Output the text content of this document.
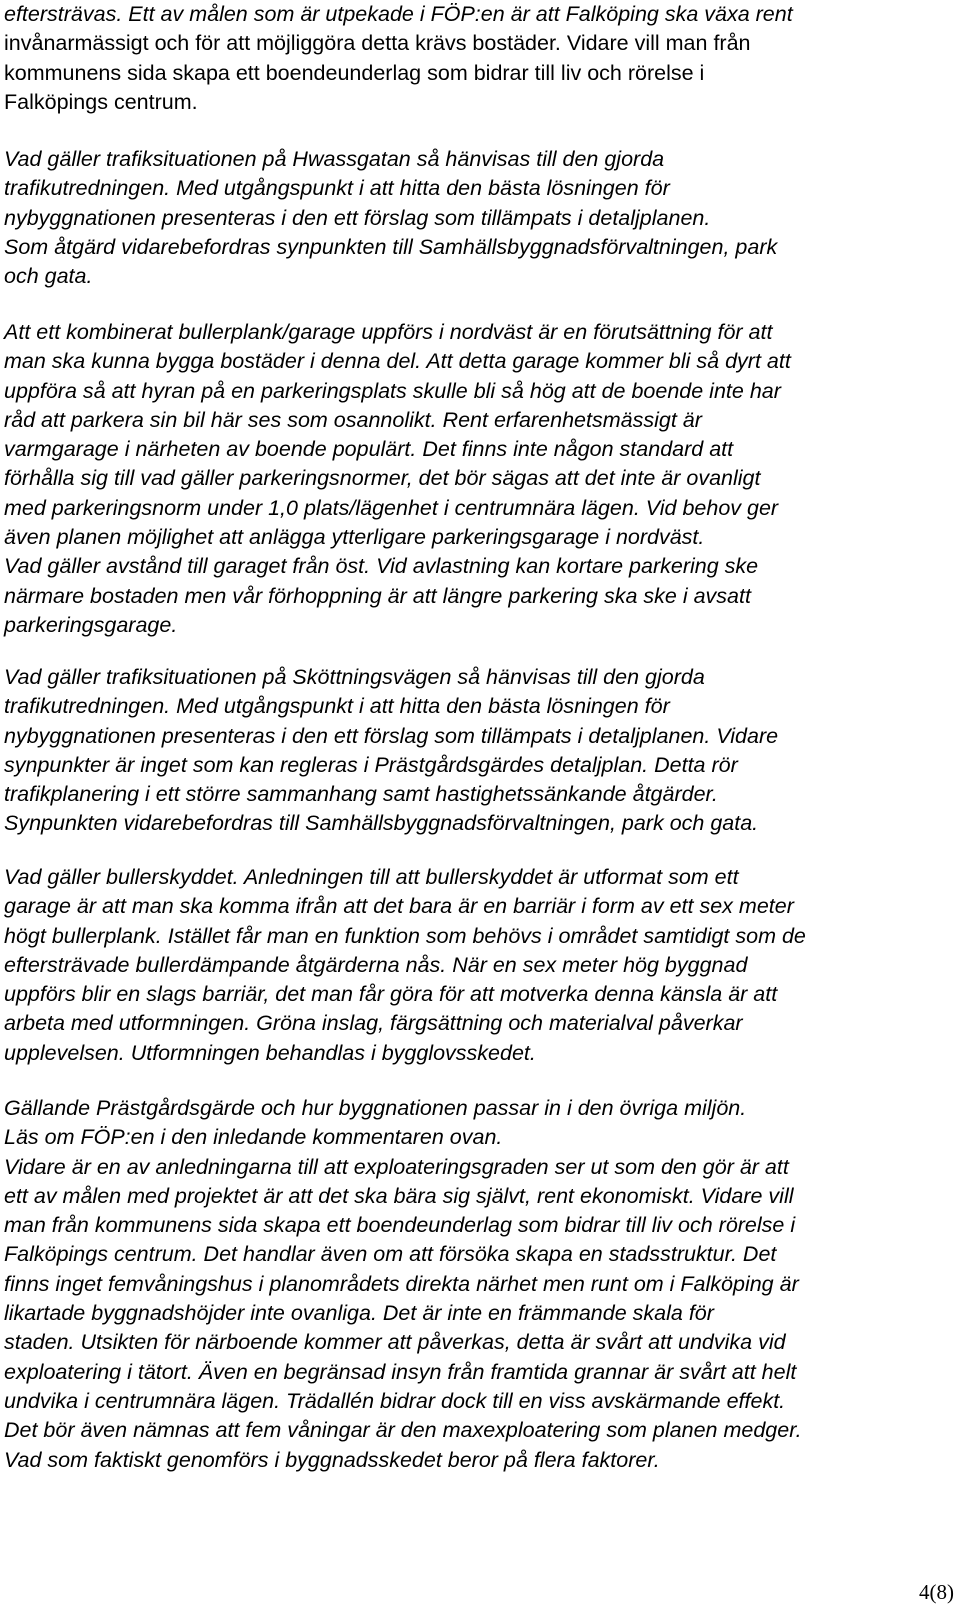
eftersträvas. Ett av målen som är utpekade i FÖP:en är att Falköping ska växa rent
invånarmässigt och för att möjliggöra detta krävs bostäder. Vidare vill man från
kommunens sida skapa ett boendeunderlag som bidrar till liv och rörelse i
Falköpings centrum.
Vad gäller trafiksituationen på Hwassgatan så hänvisas till den gjorda
trafikutredningen. Med utgångspunkt i att hitta den bästa lösningen för
nybyggnationen presenteras i den ett förslag som tillämpats i detaljplanen.
Som åtgärd vidarebefordras synpunkten till Samhällsbyggnadsförvaltningen, park
och gata.
Att ett kombinerat bullerplank/garage uppförs i nordväst är en förutsättning för att
man ska kunna bygga bostäder i denna del. Att detta garage kommer bli så dyrt att
uppföra så att hyran på en parkeringsplats skulle bli så hög att de boende inte har
råd att parkera sin bil här ses som osannolikt. Rent erfarenhetsmässigt är
varmgarage i närheten av boende populärt. Det finns inte någon standard att
förhålla sig till vad gäller parkeringsnormer, det bör sägas att det inte är ovanligt
med parkeringsnorm under 1,0 plats/lägenhet i centrumnära lägen. Vid behov ger
även planen möjlighet att anlägga ytterligare parkeringsgarage i nordväst.
Vad gäller avstånd till garaget från öst. Vid avlastning kan kortare parkering ske
närmare bostaden men vår förhoppning är att längre parkering ska ske i avsatt
parkeringsgarage.
Vad gäller trafiksituationen på Sköttningsvägen så hänvisas till den gjorda
trafikutredningen. Med utgångspunkt i att hitta den bästa lösningen för
nybyggnationen presenteras i den ett förslag som tillämpats i detaljplanen. Vidare
synpunkter är inget som kan regleras i Prästgårdsgärdes detaljplan. Detta rör
trafikplanering i ett större sammanhang samt hastighetssänkande åtgärder.
Synpunkten vidarebefordras till Samhällsbyggnadsförvaltningen, park och gata.
Vad gäller bullerskyddet. Anledningen till att bullerskyddet är utformat som ett
garage är att man ska komma ifrån att det bara är en barriär i form av ett sex meter
högt bullerplank. Istället får man en funktion som behövs i området samtidigt som de
eftersträvade bullerdämpande åtgärderna nås. När en sex meter hög byggnad
uppförs blir en slags barriär, det man får göra för att motverka denna känsla är att
arbeta med utformningen. Gröna inslag, färgsättning och materialval påverkar
upplevelsen. Utformningen behandlas i bygglovsskedet.
Gällande Prästgårdsgärde och hur byggnationen passar in i den övriga miljön.
Läs om FÖP:en i den inledande kommentaren ovan.
Vidare är en av anledningarna till att exploateringsgraden ser ut som den gör är att
ett av målen med projektet är att det ska bära sig självt, rent ekonomiskt. Vidare vill
man från kommunens sida skapa ett boendeunderlag som bidrar till liv och rörelse i
Falköpings centrum. Det handlar även om att försöka skapa en stadsstruktur. Det
finns inget femvåningshus i planområdets direkta närhet men runt om i Falköping är
likartade byggnadshöjder inte ovanliga. Det är inte en främmande skala för
staden. Utsikten för närboende kommer att påverkas, detta är svårt att undvika vid
exploatering i tätort. Även en begränsad insyn från framtida grannar är svårt att helt
undvika i centrumnära lägen. Trädallén bidrar dock till en viss avskärmande effekt.
Det bör även nämnas att fem våningar är den maxexploatering som planen medger.
Vad som faktiskt genomförs i byggnadsskedet beror på flera faktorer.
4(8)
